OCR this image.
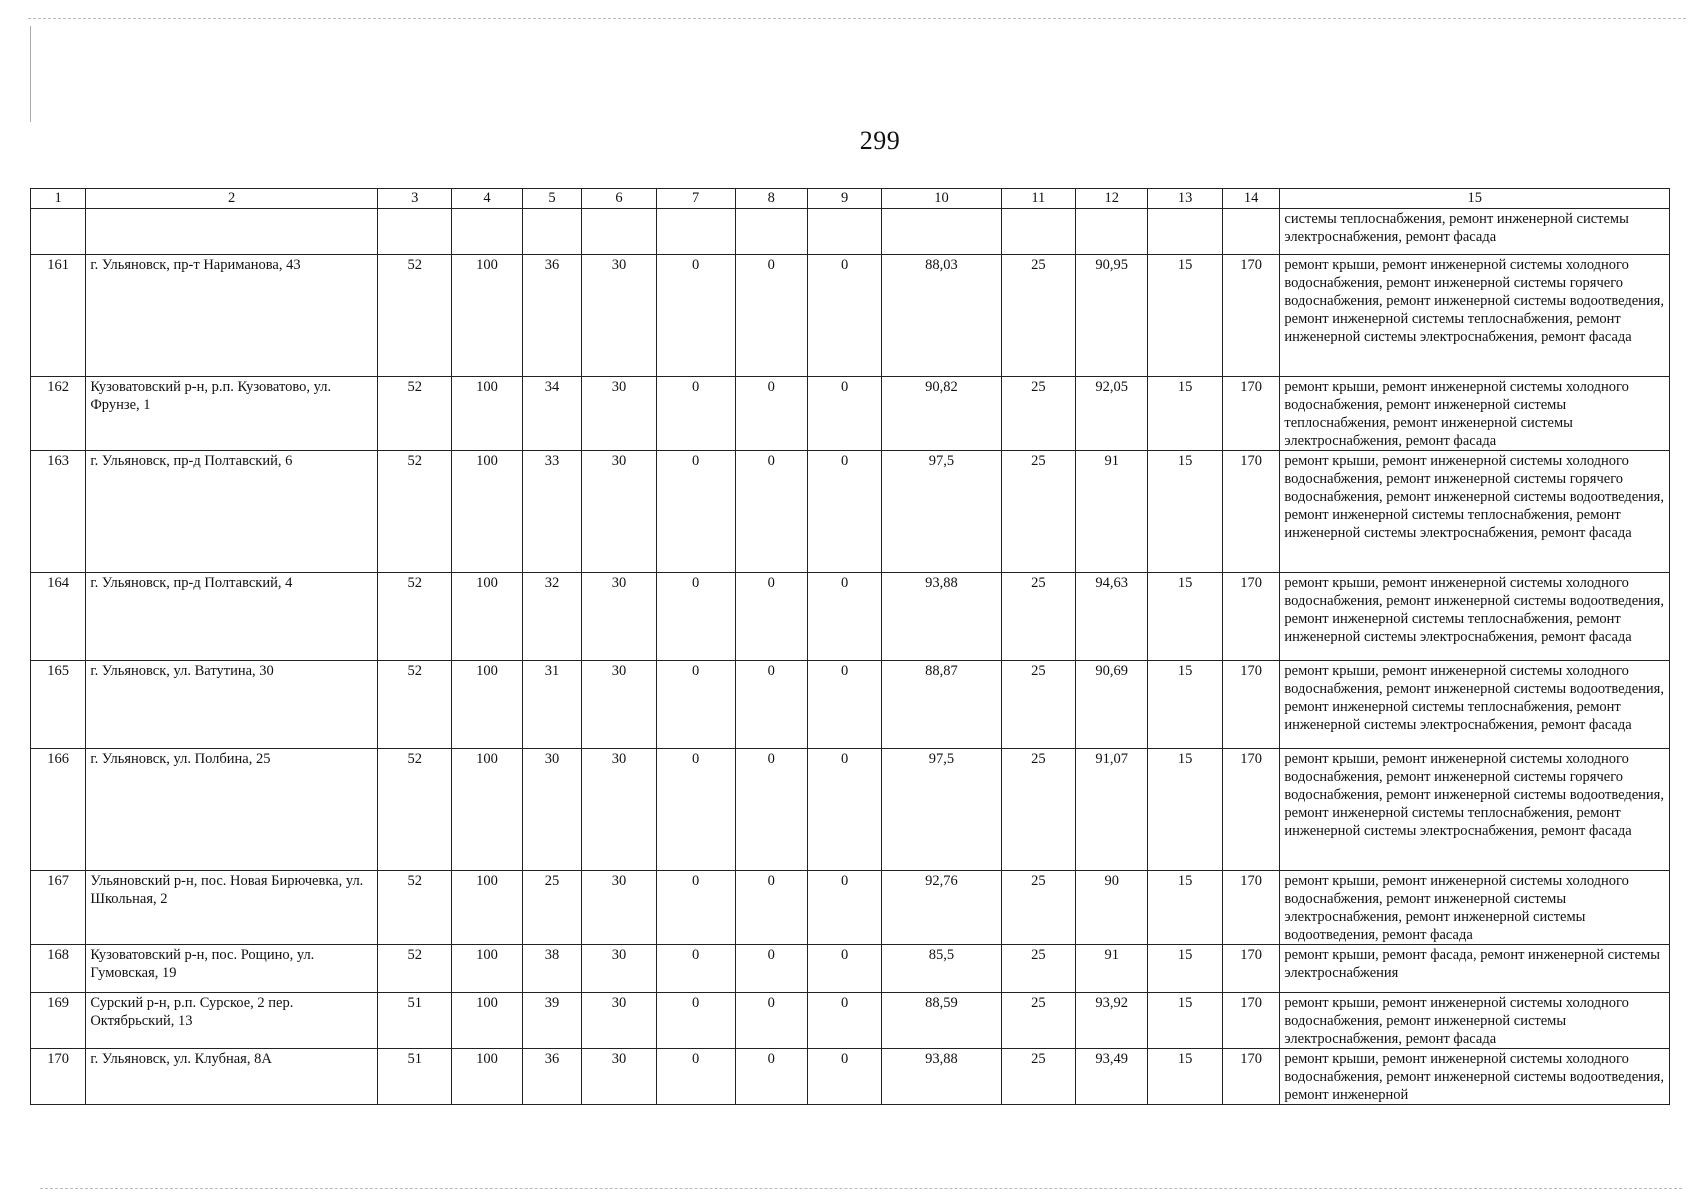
299
1	2	3	4	5	6	7	8	9	10	11	12	13	14	15
														системы теплоснабжения, ремонт инженерной системы электроснабжения, ремонт фасада
161	г. Ульяновск, пр-т Нариманова, 43	52	100	36	30	0	0	0	88,03	25	90,95	15	170	ремонт крыши, ремонт инженерной системы холодного водоснабжения, ремонт инженерной системы горячего водоснабжения, ремонт инженерной системы водоотведения, ремонт инженерной системы теплоснабжения, ремонт инженерной системы электроснабжения, ремонт фасада
162	Кузоватовский р-н, р.п. Кузоватово, ул. Фрунзе, 1	52	100	34	30	0	0	0	90,82	25	92,05	15	170	ремонт крыши, ремонт инженерной системы холодного водоснабжения, ремонт инженерной системы теплоснабжения, ремонт инженерной системы электроснабжения, ремонт фасада
163	г. Ульяновск, пр-д Полтавский, 6	52	100	33	30	0	0	0	97,5	25	91	15	170	ремонт крыши, ремонт инженерной системы холодного водоснабжения, ремонт инженерной системы горячего водоснабжения, ремонт инженерной системы водоотведения, ремонт инженерной системы теплоснабжения, ремонт инженерной системы электроснабжения, ремонт фасада
164	г. Ульяновск, пр-д Полтавский, 4	52	100	32	30	0	0	0	93,88	25	94,63	15	170	ремонт крыши, ремонт инженерной системы холодного водоснабжения, ремонт инженерной системы водоотведения, ремонт инженерной системы теплоснабжения, ремонт инженерной системы электроснабжения, ремонт фасада
165	г. Ульяновск, ул. Ватутина, 30	52	100	31	30	0	0	0	88,87	25	90,69	15	170	ремонт крыши, ремонт инженерной системы холодного водоснабжения, ремонт инженерной системы водоотведения, ремонт инженерной системы теплоснабжения, ремонт инженерной системы электроснабжения, ремонт фасада
166	г. Ульяновск, ул. Полбина, 25	52	100	30	30	0	0	0	97,5	25	91,07	15	170	ремонт крыши, ремонт инженерной системы холодного водоснабжения, ремонт инженерной системы горячего водоснабжения, ремонт инженерной системы водоотведения, ремонт инженерной системы теплоснабжения, ремонт инженерной системы электроснабжения, ремонт фасада
167	Ульяновский р-н, пос. Новая Бирючевка, ул. Школьная, 2	52	100	25	30	0	0	0	92,76	25	90	15	170	ремонт крыши, ремонт инженерной системы холодного водоснабжения, ремонт инженерной системы электроснабжения, ремонт инженерной системы водоотведения, ремонт фасада
168	Кузоватовский р-н, пос. Рощино, ул. Гумовская, 19	52	100	38	30	0	0	0	85,5	25	91	15	170	ремонт крыши, ремонт фасада, ремонт инженерной системы электроснабжения
169	Сурский р-н, р.п. Сурское, 2 пер. Октябрьский, 13	51	100	39	30	0	0	0	88,59	25	93,92	15	170	ремонт крыши, ремонт инженерной системы холодного водоснабжения, ремонт инженерной системы электроснабжения, ремонт фасада
170	г. Ульяновск, ул. Клубная, 8А	51	100	36	30	0	0	0	93,88	25	93,49	15	170	ремонт крыши, ремонт инженерной системы холодного водоснабжения, ремонт инженерной системы водоотведения, ремонт инженерной
